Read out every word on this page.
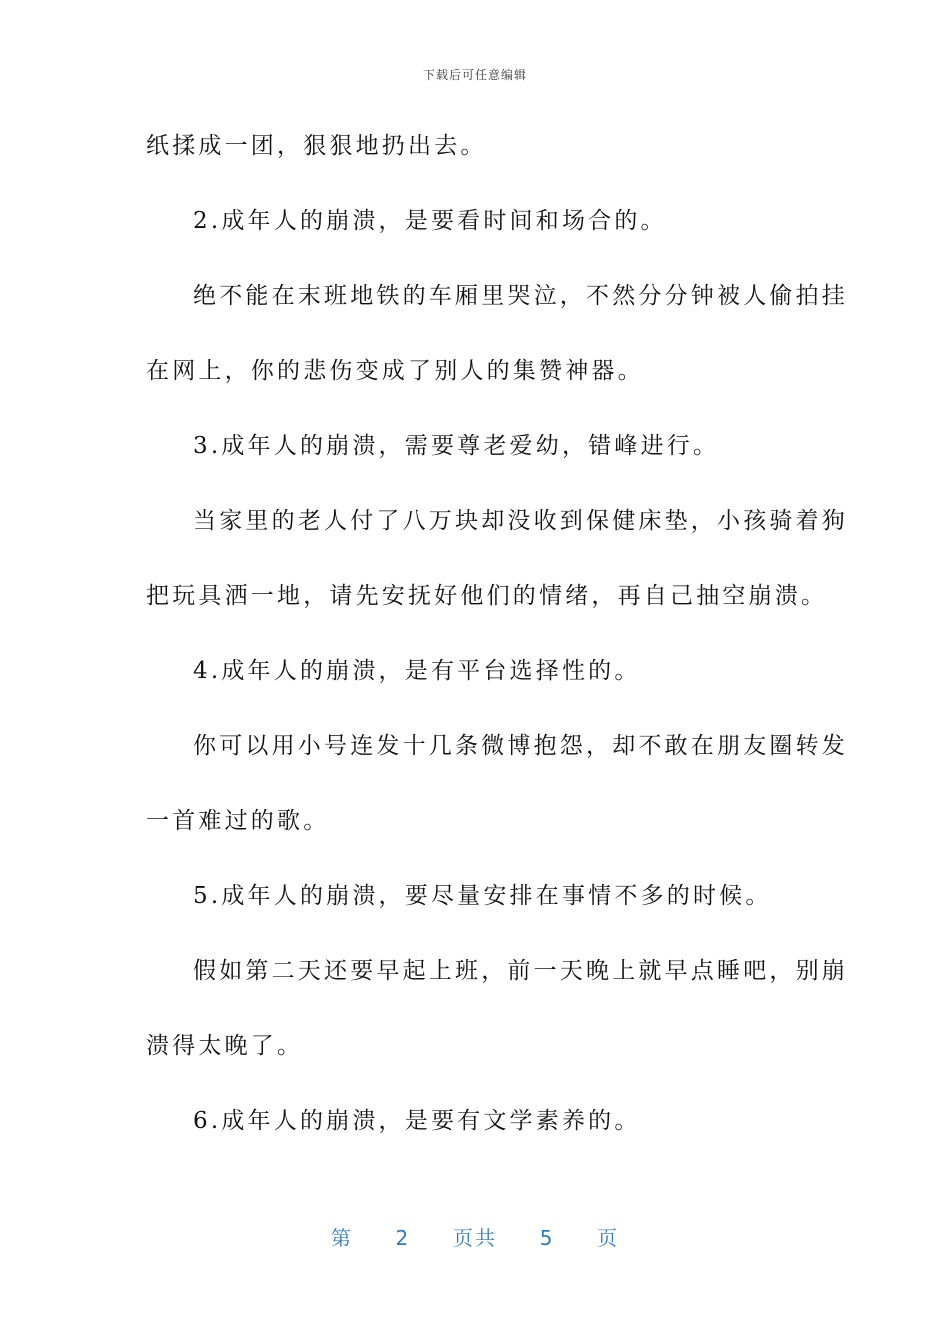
下载后可任意编辑
纸揉成一团，狠狠地扔出去。
2.成年人的崩溃，是要看时间和场合的。
绝不能在末班地铁的车厢里哭泣，不然分分钟被人偷拍挂
在网上，你的悲伤变成了别人的集赞神器。
3.成年人的崩溃，需要尊老爱幼，错峰进行。
当家里的老人付了八万块却没收到保健床垫，小孩骑着狗
把玩具洒一地，请先安抚好他们的情绪，再自己抽空崩溃。
4.成年人的崩溃，是有平台选择性的。
你可以用小号连发十几条微博抱怨，却不敢在朋友圈转发
一首难过的歌。
5.成年人的崩溃，要尽量安排在事情不多的时候。
假如第二天还要早起上班，前一天晚上就早点睡吧，别崩
溃得太晚了。
6.成年人的崩溃，是要有文学素养的。
第 2 页共 5 页
